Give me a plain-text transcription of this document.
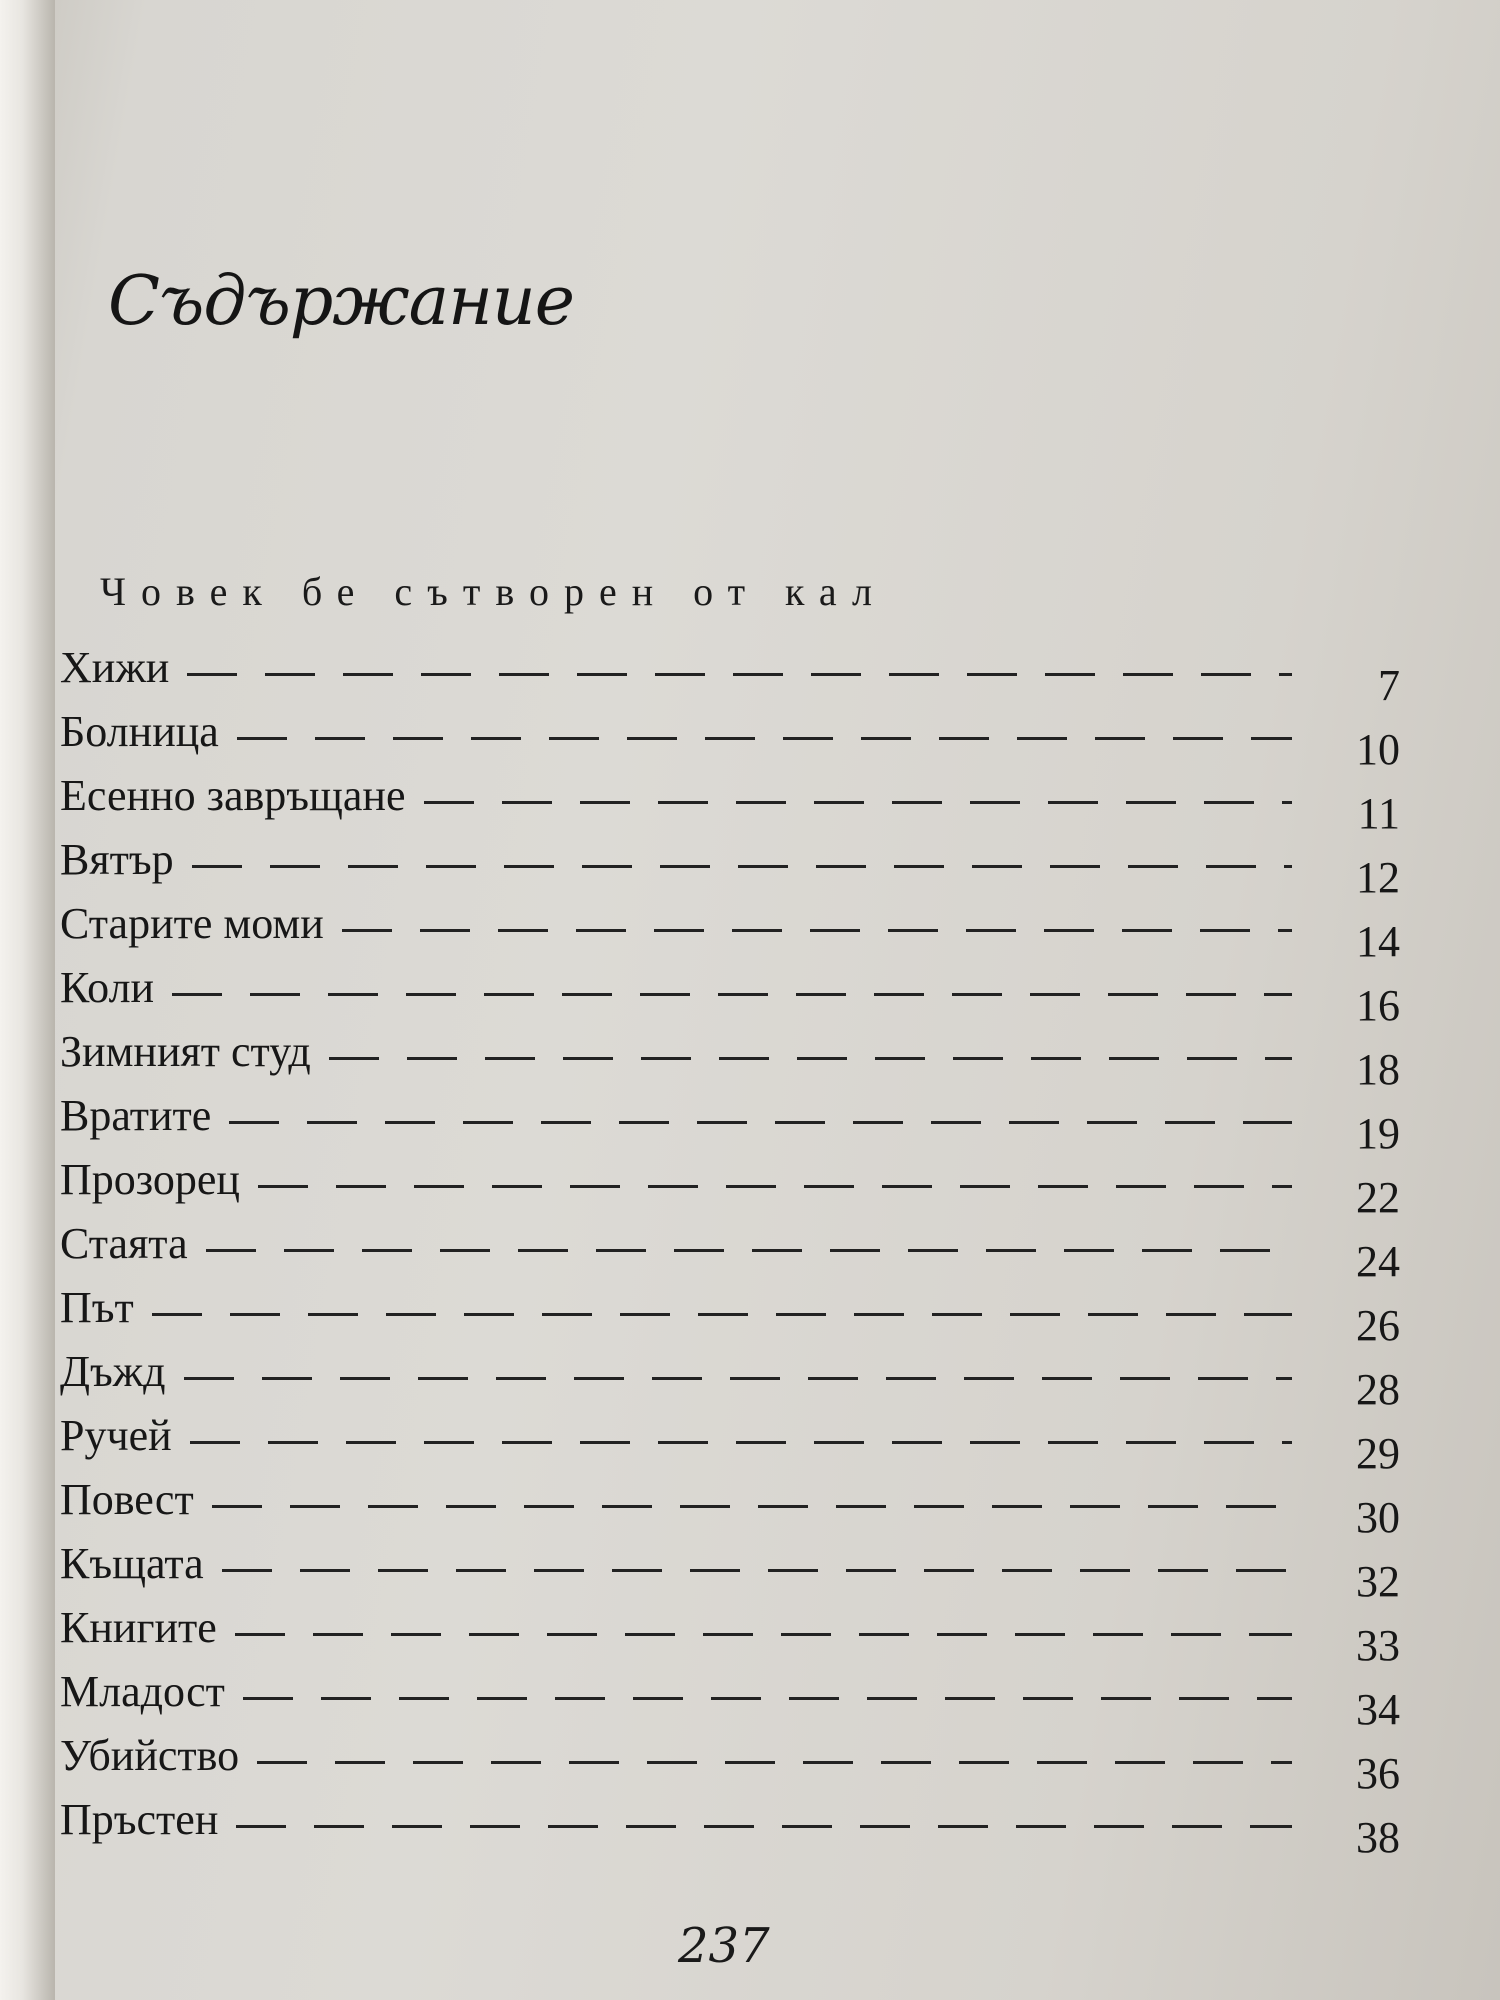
Съдържание
Човек бе сътворен от кал
Хижи	7
Болница	10
Есенно завръщане	11
Вятър	12
Старите моми	14
Коли	16
Зимният студ	18
Вратите	19
Прозорец	22
Стаята	24
Път	26
Дъжд	28
Ручей	29
Повест	30
Къщата	32
Книгите	33
Младост	34
Убийство	36
Пръстен	38
237
